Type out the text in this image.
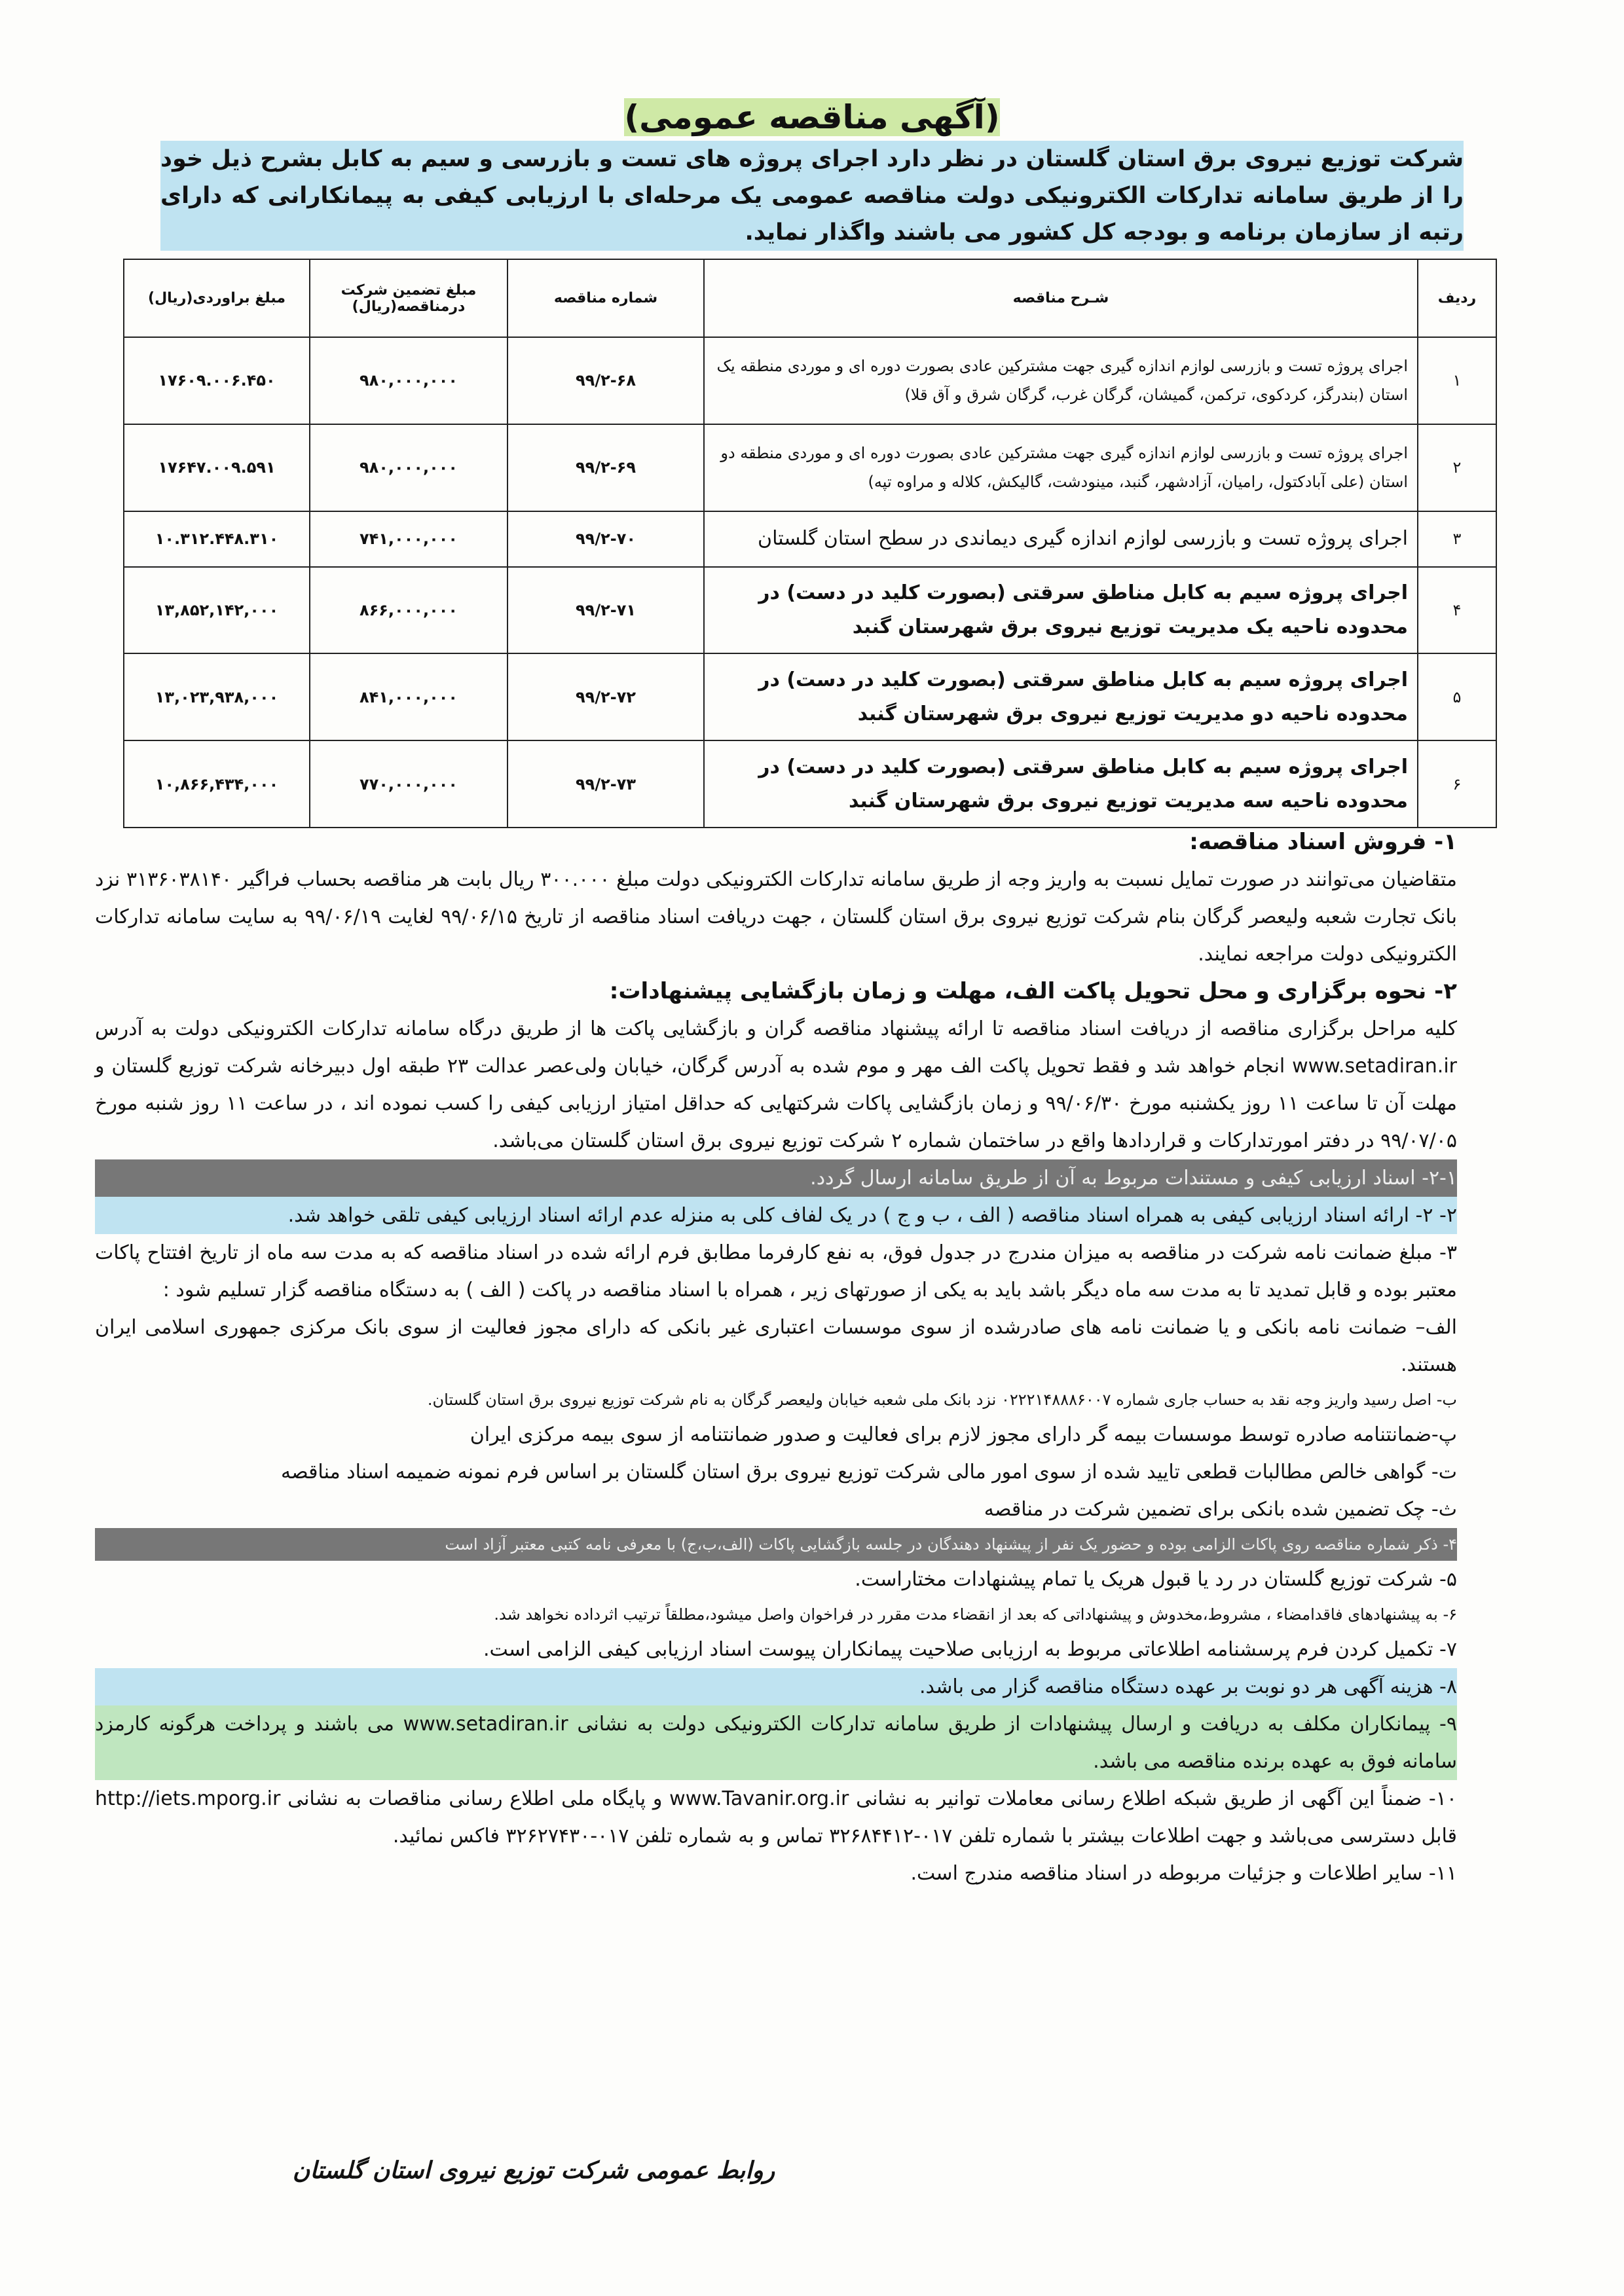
(آگهی مناقصه عمومی)
شرکت توزیع نیروی برق استان گلستان در نظر دارد اجرای پروژه های تست و بازرسی و سیم به کابل بشرح ذیل خود را از طریق سامانه تدارکات الکترونیکی دولت مناقصه عمومی یک مرحله‌ای با ارزیابی کیفی به پیمانکارانی که دارای رتبه از سازمان برنامه و بودجه کل کشور می باشند واگذار نماید.
ردیف	شـرح مناقصه	شماره مناقصه	مبلغ تضمین شرکت درمناقصه(ریال)	مبلغ براوردی(ریال)
۱	اجرای پروژه تست و بازرسی لوازم اندازه گیری جهت مشترکین عادی بصورت دوره ای و موردی منطقه یک استان (بندرگز، کردکوی، ترکمن، گمیشان، گرگان غرب، گرگان شرق و آق قلا)	۹۹/۲-۶۸	۹۸۰,۰۰۰,۰۰۰	۱۷۶۰۹.۰۰۶.۴۵۰
۲	اجرای پروژه تست و بازرسی لوازم اندازه گیری جهت مشترکین عادی بصورت دوره ای و موردی منطقه دو استان (علی آبادکتول، رامیان، آزادشهر، گنبد، مینودشت، گالیکش، کلاله و مراوه تپه)	۹۹/۲-۶۹	۹۸۰,۰۰۰,۰۰۰	۱۷۶۴۷.۰۰۹.۵۹۱
۳	اجرای پروژه تست و بازرسی لوازم اندازه گیری دیماندی در سطح استان گلستان	۹۹/۲-۷۰	۷۴۱,۰۰۰,۰۰۰	۱۰.۳۱۲.۴۴۸.۳۱۰
۴	اجرای پروژه سیم به کابل مناطق سرقتی (بصورت کلید در دست) در محدوده ناحیه یک مدیریت توزیع نیروی برق شهرستان گنبد	۹۹/۲-۷۱	۸۶۶,۰۰۰,۰۰۰	۱۳,۸۵۲,۱۴۲,۰۰۰
۵	اجرای پروژه سیم به کابل مناطق سرقتی (بصورت کلید در دست) در محدوده ناحیه دو مدیریت توزیع نیروی برق شهرستان گنبد	۹۹/۲-۷۲	۸۴۱,۰۰۰,۰۰۰	۱۳,۰۲۳,۹۳۸,۰۰۰
۶	اجرای پروژه سیم به کابل مناطق سرقتی (بصورت کلید در دست) در محدوده ناحیه سه مدیریت توزیع نیروی برق شهرستان گنبد	۹۹/۲-۷۳	۷۷۰,۰۰۰,۰۰۰	۱۰,۸۶۶,۴۳۴,۰۰۰

۱- فروش اسناد مناقصه:

متقاضیان می‌توانند در صورت تمایل نسبت به واریز وجه از طریق سامانه تدارکات الکترونیکی دولت مبلغ ۳۰۰.۰۰۰ ریال بابت هر مناقصه بحساب فراگیر ۳۱۳۶۰۳۸۱۴۰ نزد بانک تجارت شعبه ولیعصر گرگان بنام شرکت توزیع نیروی برق استان گلستان ، جهت دریافت اسناد مناقصه از تاریخ ۹۹/۰۶/۱۵ لغایت ۹۹/۰۶/۱۹ به سایت سامانه تدارکات الکترونیکی دولت مراجعه نمایند.

۲- نحوه برگزاری و محل تحویل پاکت الف، مهلت و زمان بازگشایی پیشنهادات:

کلیه مراحل برگزاری مناقصه از دریافت اسناد مناقصه تا ارائه پیشنهاد مناقصه گران و بازگشایی پاکت ها از طریق درگاه سامانه تدارکات الکترونیکی دولت به آدرس www.setadiran.ir انجام خواهد شد و فقط تحویل پاکت الف مهر و موم شده به آدرس گرگان، خیابان ولی‌عصر عدالت ۲۳ طبقه اول دبیرخانه شرکت توزیع گلستان و مهلت آن تا ساعت ۱۱ روز یکشنبه مورخ ۹۹/۰۶/۳۰ و زمان بازگشایی پاکات شرکتهایی که حداقل امتیاز ارزیابی کیفی را کسب نموده اند ، در ساعت ۱۱ روز شنبه مورخ ۹۹/۰۷/۰۵ در دفتر امورتدارکات و قراردادها واقع در ساختمان شماره ۲ شرکت توزیع نیروی برق استان گلستان می‌باشد.

۲-۱- اسناد ارزیابی کیفی و مستندات مربوط به آن از طریق سامانه ارسال گردد.

۲- ۲- ارائه اسناد ارزیابی کیفی به همراه اسناد مناقصه ( الف ، ب و ج ) در یک لفاف کلی به منزله عدم ارائه اسناد ارزیابی کیفی تلقی خواهد شد.

۳- مبلغ ضمانت نامه شرکت در مناقصه به میزان مندرج در جدول فوق، به نفع کارفرما مطابق فرم ارائه شده در اسناد مناقصه که به مدت سه ماه از تاریخ افتتاح پاکات معتبر بوده و قابل تمدید تا به مدت سه ماه دیگر باشد باید به یکی از صورتهای زیر ، همراه با اسناد مناقصه در پاکت ( الف ) به دستگاه مناقصه گزار تسلیم شود :

الف– ضمانت نامه بانکی و یا ضمانت نامه های صادرشده از سوی موسسات اعتباری غیر بانکی که دارای مجوز فعالیت از سوی بانک مرکزی جمهوری اسلامی ایران هستند.

ب- اصل رسید واریز وجه نقد به حساب جاری شماره ۰۲۲۲۱۴۸۸۸۶۰۰۷ نزد بانک ملی شعبه خیابان ولیعصر گرگان به نام شرکت توزیع نیروی برق استان گلستان.

پ-ضمانتنامه صادره توسط موسسات بیمه گر دارای مجوز لازم برای فعالیت و صدور ضمانتنامه از سوی بیمه مرکزی ایران

ت- گواهی خالص مطالبات قطعی تایید شده از سوی امور مالی شرکت توزیع نیروی برق استان گلستان بر اساس فرم نمونه ضمیمه اسناد مناقصه

ث- چک تضمین شده بانکی برای تضمین شرکت در مناقصه

۴- ذکر شماره مناقصه روی پاکات الزامی بوده و حضور یک نفر از پیشنهاد دهندگان در جلسه بازگشایی پاکات (الف،ب،ج) با معرفی نامه کتبی معتبر آزاد است

۵- شرکت توزیع گلستان در رد یا قبول هریک یا تمام پیشنهادات مختاراست.

۶- به پیشنهادهای فاقدامضاء ، مشروط،مخدوش و پیشنهاداتی که بعد از انقضاء مدت مقرر در فراخوان واصل میشود،مطلقاً ترتیب اثرداده نخواهد شد.

۷- تکمیل کردن فرم پرسشنامه اطلاعاتی مربوط به ارزیابی صلاحیت پیمانکاران پیوست اسناد ارزیابی کیفی الزامی است.

۸- هزینه آگهی هر دو نوبت بر عهده دستگاه مناقصه گزار می باشد.

۹- پیمانکاران مکلف به دریافت و ارسال پیشنهادات از طریق سامانه تدارکات الکترونیکی دولت به نشانی www.setadiran.ir می باشند و پرداخت هرگونه کارمزد سامانه فوق به عهده برنده مناقصه می باشد.

۱۰- ضمناً این آگهی از طریق شبکه اطلاع رسانی معاملات توانیر به نشانی www.Tavanir.org.ir و پایگاه ملی اطلاع رسانی مناقصات به نشانی http://iets.mporg.ir قابل دسترسی می‌باشد و جهت اطلاعات بیشتر با شماره تلفن ۰۱۷-۳۲۶۸۴۴۱۲ تماس و به شماره تلفن ۰۱۷-۳۲۶۲۷۴۳۰ فاکس نمائید.

۱۱- سایر اطلاعات و جزئیات مربوطه در اسناد مناقصه مندرج است.

روابط عمومی شرکت توزیع نیروی استان گلستان
